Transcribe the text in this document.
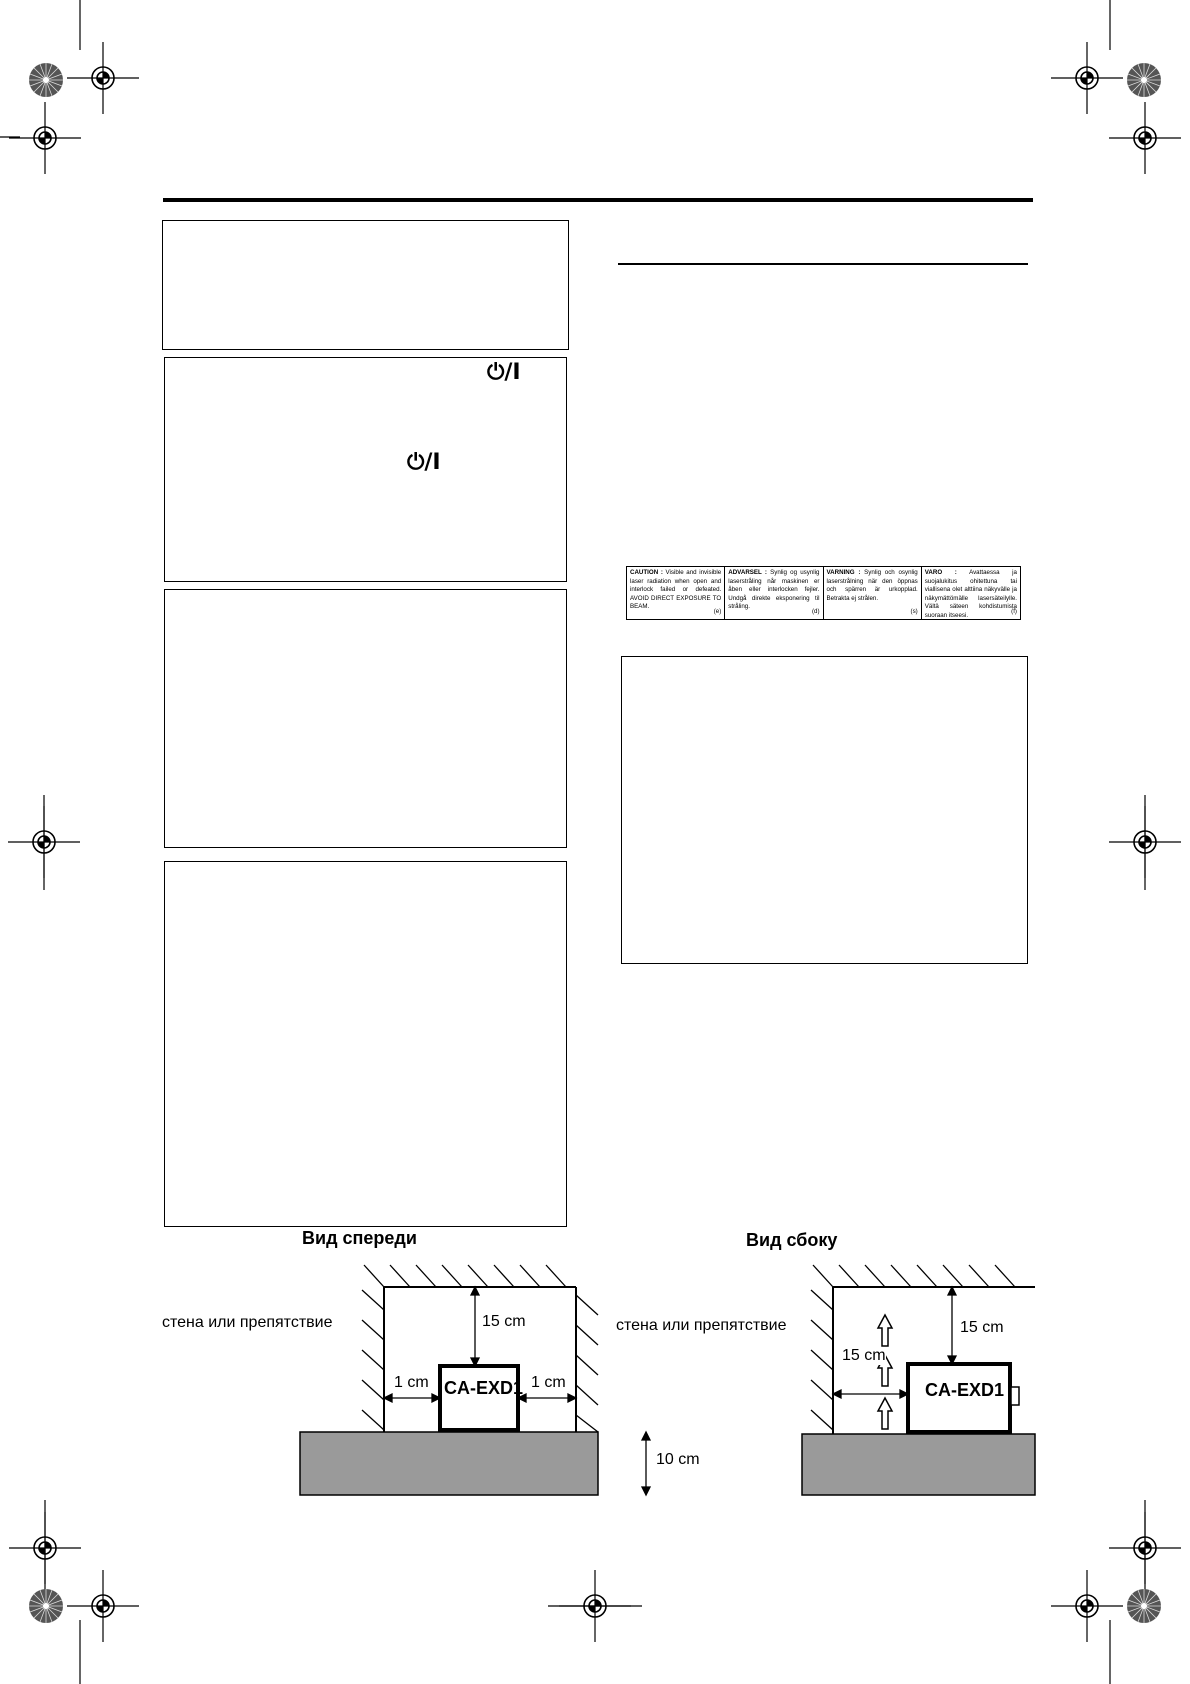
⏻/I
⏻/I
CAUTION : Visible and invisible laser radiation when open and interlock failed or defeated. AVOID DIRECT EXPOSURE TO BEAM.
(e)
ADVARSEL : Synlig og usynlig laserstråling når maskinen er åben eller interlocken fejler. Undgå direkte eksponering til stråling.
(d)
VARNING : Synlig och osynlig laserstrålning när den öppnas och spärren är urkopplad. Betrakta ej strålen.
(s)
VARO : Avattaessa ja suojalukitus ohitettuna tai viallisena olet alttiina näkyvälle ja näkymättömälle lasersäteilylle. Vältä säteen kohdistumista suoraan itseesi.
(f)
Вид спереди	Вид сбоку
стена или препятствие	стена или препятствие
CA-EXD1
15 cm
1 cm	1 cm
10 cm
CA-EXD1
15 cm
15 cm
